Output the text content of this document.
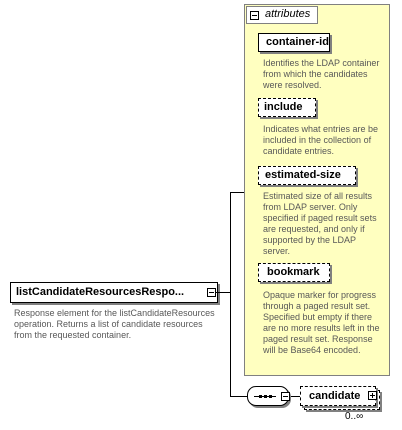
attributes
container-id
Identifies the LDAP container from which the candidates were resolved.
include
Indicates what entries are be included in the collection of candidate entries.
estimated-size
Estimated size of all results from LDAP server. Only specified if paged result sets are requested, and only if supported by the LDAP server.
bookmark
Opaque marker for progress through a paged result set. Specified but empty if there are no more results left in the paged result set. Response will be Base64 encoded.
listCandidateResourcesRespo...
Response element for the listCandidateResources operation. Returns a list of candidate resources from the requested container.
candidate
0..∞
